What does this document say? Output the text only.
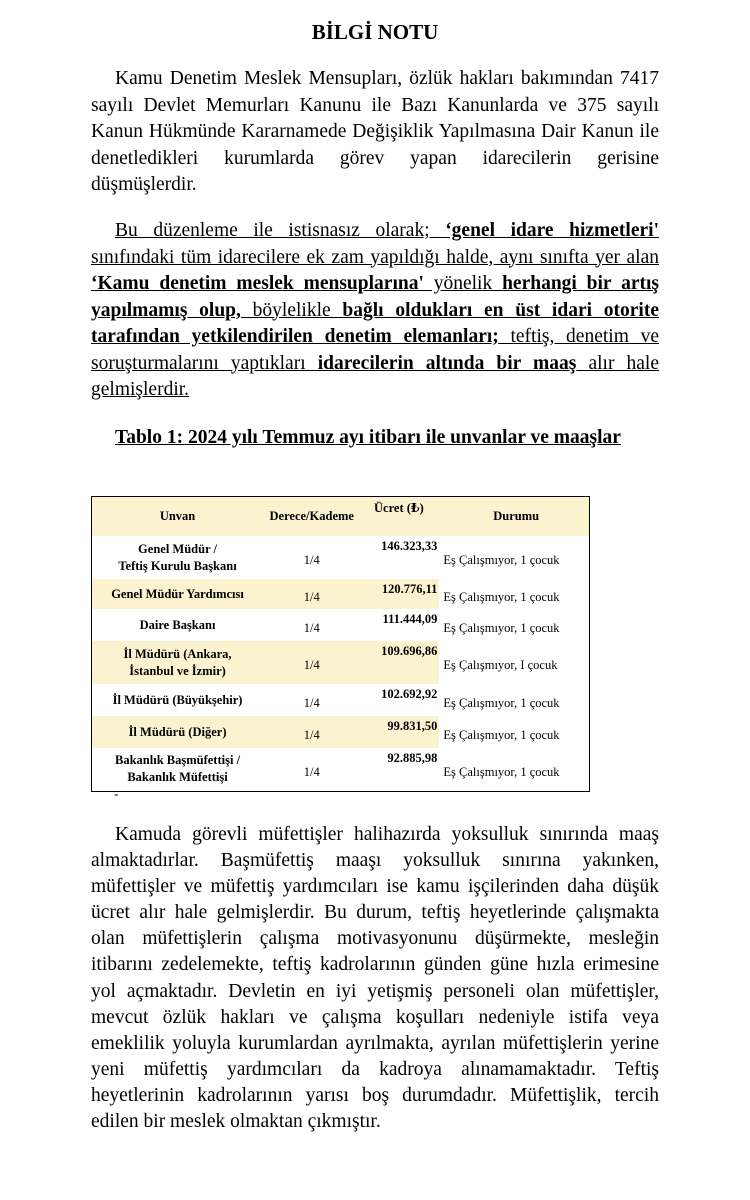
BİLGİ NOTU

Kamu Denetim Meslek Mensupları, özlük hakları bakımından 7417 sayılı Devlet Memurları Kanunu ile Bazı Kanunlarda ve 375 sayılı Kanun Hükmünde Kararnamede Değişiklik Yapılmasına Dair Kanun ile denetledikleri kurumlarda görev yapan idarecilerin gerisine düşmüşlerdir.

Bu düzenleme ile istisnasız olarak; ‘genel idare hizmetleri' sınıfındaki tüm idarecilere ek zam yapıldığı halde, aynı sınıfta yer alan ‘Kamu denetim meslek mensuplarına' yönelik herhangi bir artış yapılmamış olup, böylelikle bağlı oldukları en üst idari otorite tarafından yetkilendirilen denetim elemanları; teftiş, denetim ve soruşturmalarını yaptıkları idarecilerin altında bir maaş alır hale gelmişlerdir.

Tablo 1: 2024 yılı Temmuz ayı itibarı ile unvanlar ve maaşlar
Unvan	Derece/Kademe	Ücret (₺)	Durumu
Genel Müdür /
Teftiş Kurulu Başkanı	1/4	146.323,33	Eş Çalışmıyor, 1 çocuk
Genel Müdür Yardımcısı	1/4	120.776,11	Eş Çalışmıyor, 1 çocuk
Daire Başkanı	1/4	111.444,09	Eş Çalışmıyor, 1 çocuk
İl Müdürü (Ankara,
İstanbul ve İzmir)	1/4	109.696,86	Eş Çalışmıyor, I çocuk
İl Müdürü (Büyükşehir)	1/4	102.692,92	Eş Çalışmıyor, 1 çocuk
İl Müdürü (Diğer)	1/4	99.831,50	Eş Çalışmıyor, 1 çocuk
Bakanlık Başmüfettişi /
Bakanlık Müfettişi	1/4	92.885,98	Eş Çalışmıyor, 1 çocuk
-

Kamuda görevli müfettişler halihazırda yoksulluk sınırında maaş almaktadırlar. Başmüfettiş maaşı yoksulluk sınırına yakınken, müfettişler ve müfettiş yardımcıları ise kamu işçilerinden daha düşük ücret alır hale gelmişlerdir. Bu durum, teftiş heyetlerinde çalışmakta olan müfettişlerin çalışma motivasyonunu düşürmekte, mesleğin itibarını zedelemekte, teftiş kadrolarının günden güne hızla erimesine yol açmaktadır. Devletin en iyi yetişmiş personeli olan müfettişler, mevcut özlük hakları ve çalışma koşulları nedeniyle istifa veya emeklilik yoluyla kurumlardan ayrılmakta, ayrılan müfettişlerin yerine yeni müfettiş yardımcıları da kadroya alınamamaktadır. Teftiş heyetlerinin kadrolarının yarısı boş durumdadır. Müfettişlik, tercih edilen bir meslek olmaktan çıkmıştır.
